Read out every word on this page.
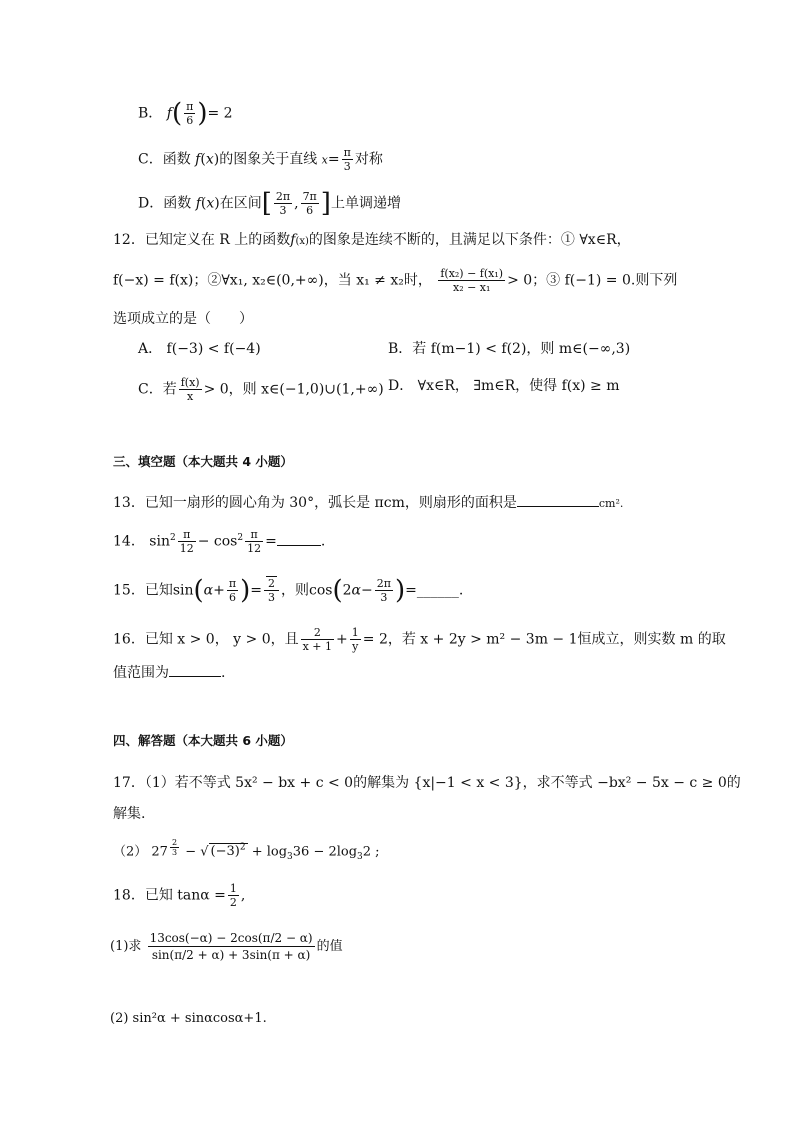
B． $f( \frac{\pi}{6}$ )= 2
C．函数 f(x)的图象关于直线 $x= \frac{\pi}{3}$ 对称
D．函数 f(x)在区间[ $\frac{2\pi}{3}$ , $\frac{7\pi}{6}$ ]上单调递增
12．已知定义在 R 上的函数f(x)的图象是连续不断的，且满足以下条件：① ∀x∈R，
f(−x) = f(x)；②∀x₁, x₂∈(0,+∞)，当 x₁ ≠ x₂时， $\frac{\text{f(x₂) − f(x₁)}}{\text{x₂ − x₁}} > 0$；③ f(−1) = 0.则下列
选项成立的是（　　）
A． f(−3) < f(−4)	B．若 f(m−1) < f(2)，则 m∈(−∞,3)
C．若 $\frac{f(x)}{x} > 0$，则 x∈(−1,0)∪(1,+∞) D． ∀x∈R， ∃m∈R，使得 f(x) ≥ m
三、填空题（本大题共 4 小题）
13．已知一扇形的圆心角为 30°，弧长是 πcm，则扇形的面积是	cm².
14． $\sin^2 \frac{\pi}{12} - \cos^2 \frac{\pi}{12}$ =	.
15．已知$\sin(\alpha+ \frac{\pi}{6}$ )= $\frac{2}{3}$ ，则$\cos(2\alpha- \frac{2\pi}{3}$ )=______.
16．已知 x > 0， y > 0，且 $\frac{2}{x + 1} + \frac{1}{y} = 2$，若 x + 2y > m² − 3m − 1恒成立，则实数 m 的取
值范围为	.
四、解答题（本大题共 6 小题）
17．（1）若不等式 5x² − bx + c < 0的解集为 {x|−1 < x < 3}，求不等式 −bx² − 5x − c ≥ 0的
解集.
（2） 27 $^{\frac{2}{3}}$ − √ $(-3)^2 + \log_336 - 2\log_32$ ;
18．已知 $\tan\alpha = \frac{1}{2}$ ,
(1)求 $\frac{13\cos(-\alpha) - 2\cos(\pi/2 - \alpha)}{\sin(\pi/2 + \alpha) + 3\sin(\pi + \alpha)}$ 的值
(2) sin²α + sinαcosα+1.
